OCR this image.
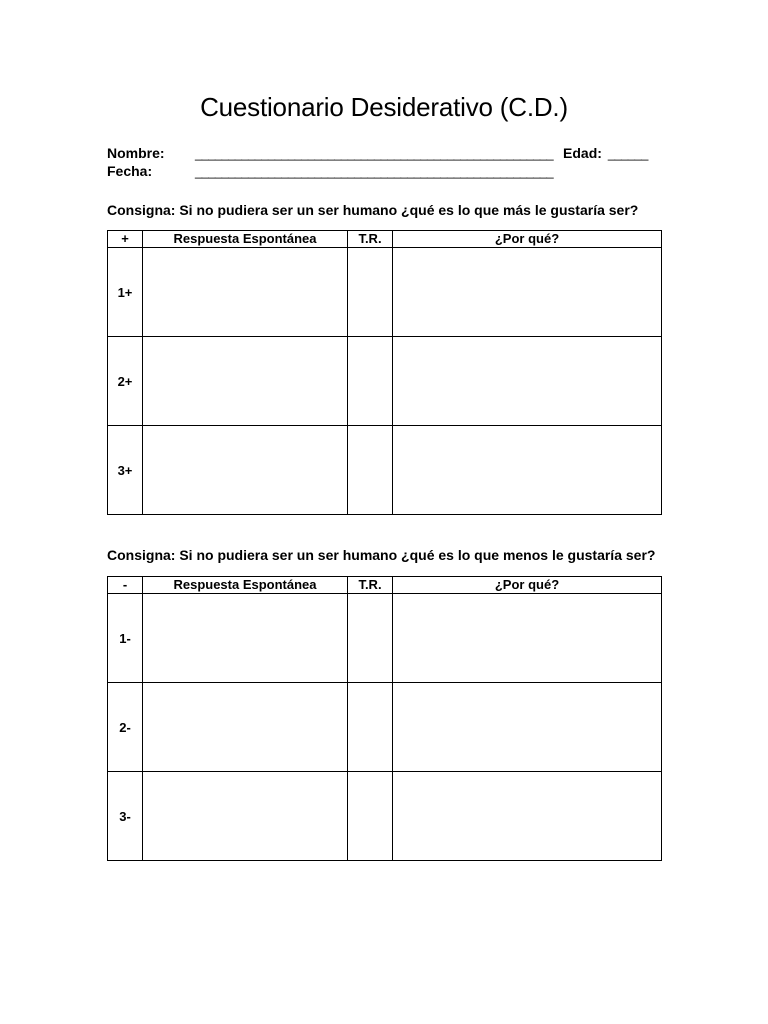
Cuestionario Desiderativo (C.D.)
Nombre: ______________________________________________________ Edad: ______
Fecha:	______________________________________________________
Consigna: Si no pudiera ser un ser humano ¿qué es lo que más le gustaría ser?
+	Respuesta Espontánea	T.R.	¿Por qué?
1+			
2+			
3+			
Consigna: Si no pudiera ser un ser humano ¿qué es lo que menos le gustaría ser?
-	Respuesta Espontánea	T.R.	¿Por qué?
1-			
2-			
3-			
